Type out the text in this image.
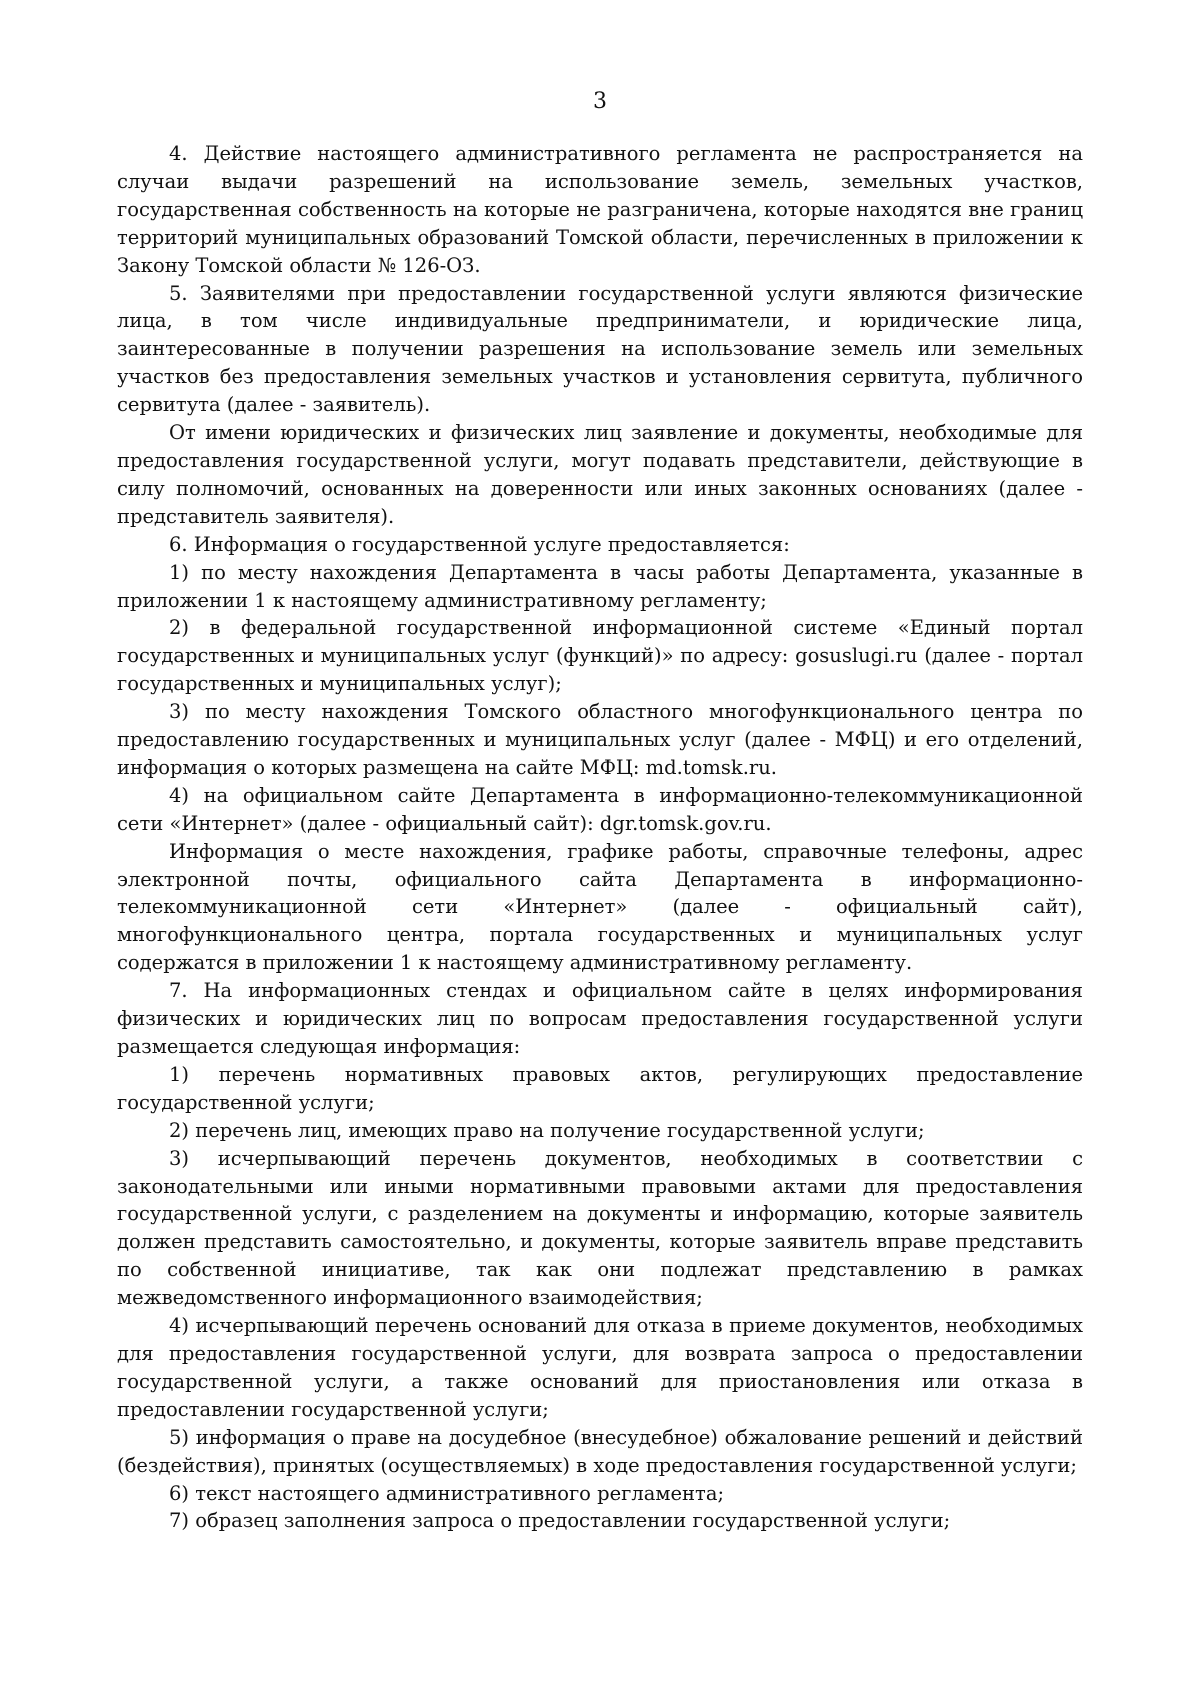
3

4. Действие настоящего административного регламента не распространяется на случаи выдачи разрешений на использование земель, земельных участков, государственная собственность на которые не разграничена, которые находятся вне границ территорий муниципальных образований Томской области, перечисленных в приложении к Закону Томской области № 126-ОЗ.

5. Заявителями при предоставлении государственной услуги являются физические лица, в том числе индивидуальные предприниматели, и юридические лица, заинтересованные в получении разрешения на использование земель или земельных участков без предоставления земельных участков и установления сервитута, публичного сервитута (далее - заявитель).

От имени юридических и физических лиц заявление и документы, необходимые для предоставления государственной услуги, могут подавать представители, действующие в силу полномочий, основанных на доверенности или иных законных основаниях (далее - представитель заявителя).

6. Информация о государственной услуге предоставляется:

1) по месту нахождения Департамента в часы работы Департамента, указанные в приложении 1 к настоящему административному регламенту;

2) в федеральной государственной информационной системе «Единый портал государственных и муниципальных услуг (функций)» по адресу: gosuslugi.ru (далее - портал государственных и муниципальных услуг);

3) по месту нахождения Томского областного многофункционального центра по предоставлению государственных и муниципальных услуг (далее - МФЦ) и его отделений, информация о которых размещена на сайте МФЦ: md.tomsk.ru.

4) на официальном сайте Департамента в информационно-телекоммуникационной сети «Интернет» (далее - официальный сайт): dgr.tomsk.gov.ru.

Информация о месте нахождения, графике работы, справочные телефоны, адрес электронной почты, официального сайта Департамента в информационно-телекоммуникационной сети «Интернет» (далее - официальный сайт), многофункционального центра, портала государственных и муниципальных услуг содержатся в приложении 1 к настоящему административному регламенту.

7. На информационных стендах и официальном сайте в целях информирования физических и юридических лиц по вопросам предоставления государственной услуги размещается следующая информация:

1) перечень нормативных правовых актов, регулирующих предоставление государственной услуги;

2) перечень лиц, имеющих право на получение государственной услуги;

3) исчерпывающий перечень документов, необходимых в соответствии с законодательными или иными нормативными правовыми актами для предоставления государственной услуги, с разделением на документы и информацию, которые заявитель должен представить самостоятельно, и документы, которые заявитель вправе представить по собственной инициативе, так как они подлежат представлению в рамках межведомственного информационного взаимодействия;

4) исчерпывающий перечень оснований для отказа в приеме документов, необходимых для предоставления государственной услуги, для возврата запроса о предоставлении государственной услуги, а также оснований для приостановления или отказа в предоставлении государственной услуги;

5) информация о праве на досудебное (внесудебное) обжалование решений и действий (бездействия), принятых (осуществляемых) в ходе предоставления государственной услуги;

6) текст настоящего административного регламента;

7) образец заполнения запроса о предоставлении государственной услуги;
